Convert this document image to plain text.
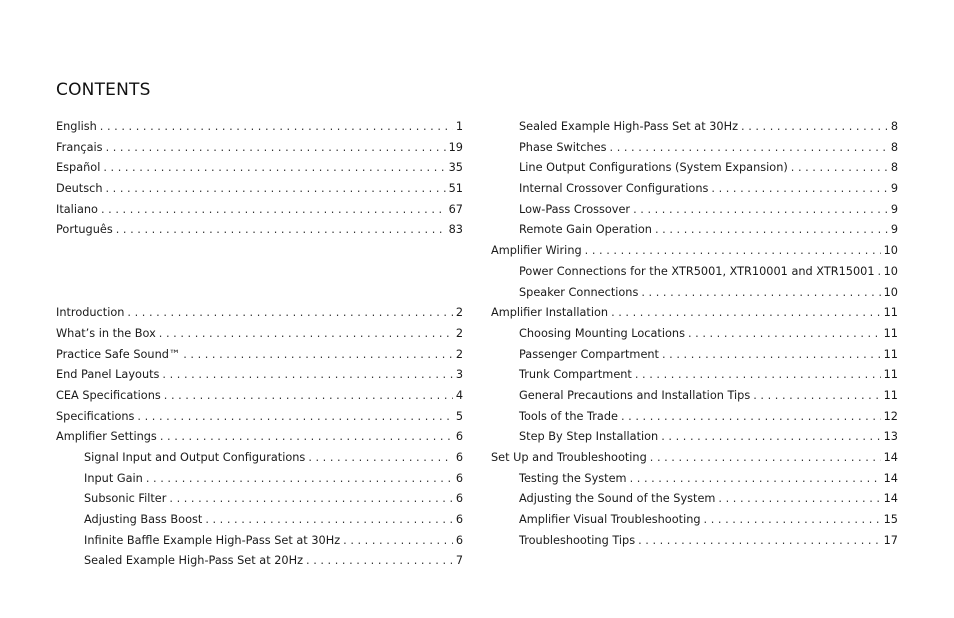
CONTENTS
English . . .	1
Français . . .	19
Español . . .	35
Deutsch . . .	51
Italiano . . .	67
Português . . .	83
Introduction . . .	2
What’s in the Box . . .	2
Practice Safe Sound™ . . .	2
End Panel Layouts . . .	3
CEA Specifications . . .	4
Specifications . . .	5
Amplifier Settings . . .	6
Signal Input and Output Configurations . . .	6
Input Gain . . .	6
Subsonic Filter . . .	6
Adjusting Bass Boost . . .	6
Infinite Baffle Example High-Pass Set at 30Hz . . .	6
Sealed Example High-Pass Set at 20Hz . . .	7
Sealed Example High-Pass Set at 30Hz . . .	8
Phase Switches . . .	8
Line Output Configurations (System Expansion) . . .	8
Internal Crossover Configurations . . .	9
Low-Pass Crossover . . .	9
Remote Gain Operation . . .	9
Amplifier Wiring . . .	10
Power Connections for the XTR5001, XTR10001 and XTR15001 . . . 10
Speaker Connections . . .	10
Amplifier Installation . . .	11
Choosing Mounting Locations . . .	11
Passenger Compartment . . .	11
Trunk Compartment . . .	11
General Precautions and Installation Tips . . .	11
Tools of the Trade . . .	12
Step By Step Installation . . .	13
Set Up and Troubleshooting . . .	14
Testing the System . . .	14
Adjusting the Sound of the System . . .	14
Amplifier Visual Troubleshooting . . .	15
Troubleshooting Tips . . .	17
